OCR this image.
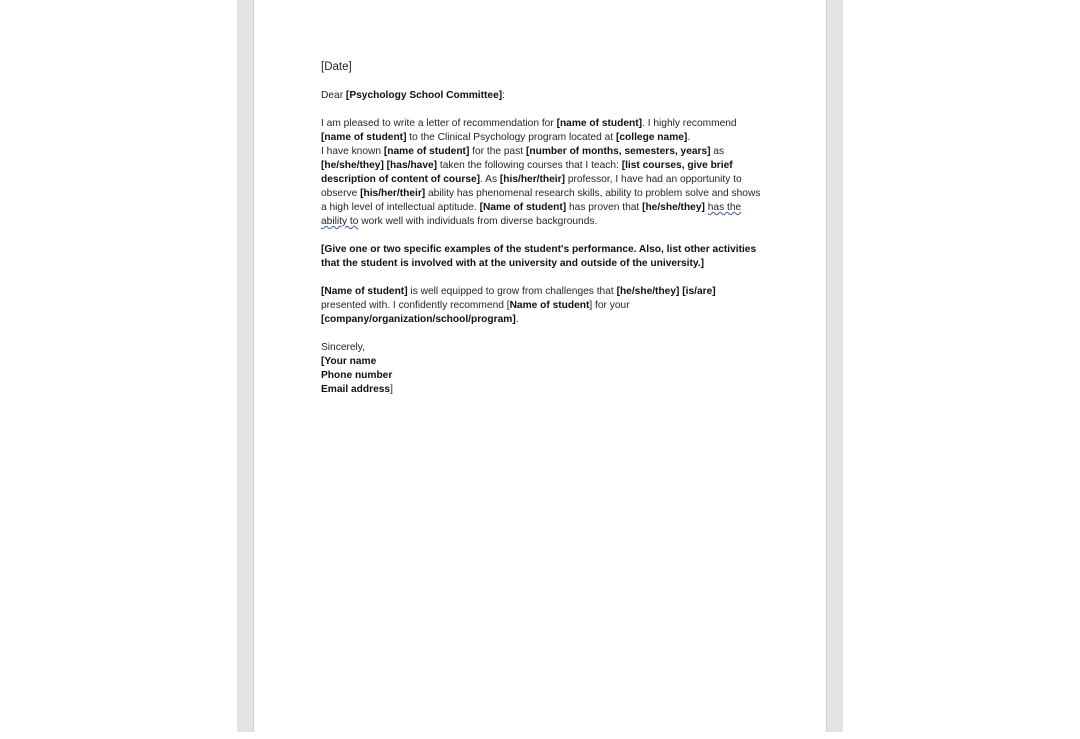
[Date]

Dear [Psychology School Committee]:

I am pleased to write a letter of recommendation for [name of student]. I highly recommend [name of student] to the Clinical Psychology program located at [college name].

I have known [name of student] for the past [number of months, semesters, years] as [he/she/they] [has/have] taken the following courses that I teach: [list courses, give brief description of content of course]. As [his/her/their] professor, I have had an opportunity to observe [his/her/their] ability has phenomenal research skills, ability to problem solve and shows a high level of intellectual aptitude. [Name of student] has proven that [he/she/they] has the ability to work well with individuals from diverse backgrounds.

[Give one or two specific examples of the student's performance. Also, list other activities that the student is involved with at the university and outside of the university.]

[Name of student] is well equipped to grow from challenges that [he/she/they] [is/are] presented with. I confidently recommend [Name of student] for your [company/organization/school/program].

Sincerely,

[Your name

Phone number

Email address]
